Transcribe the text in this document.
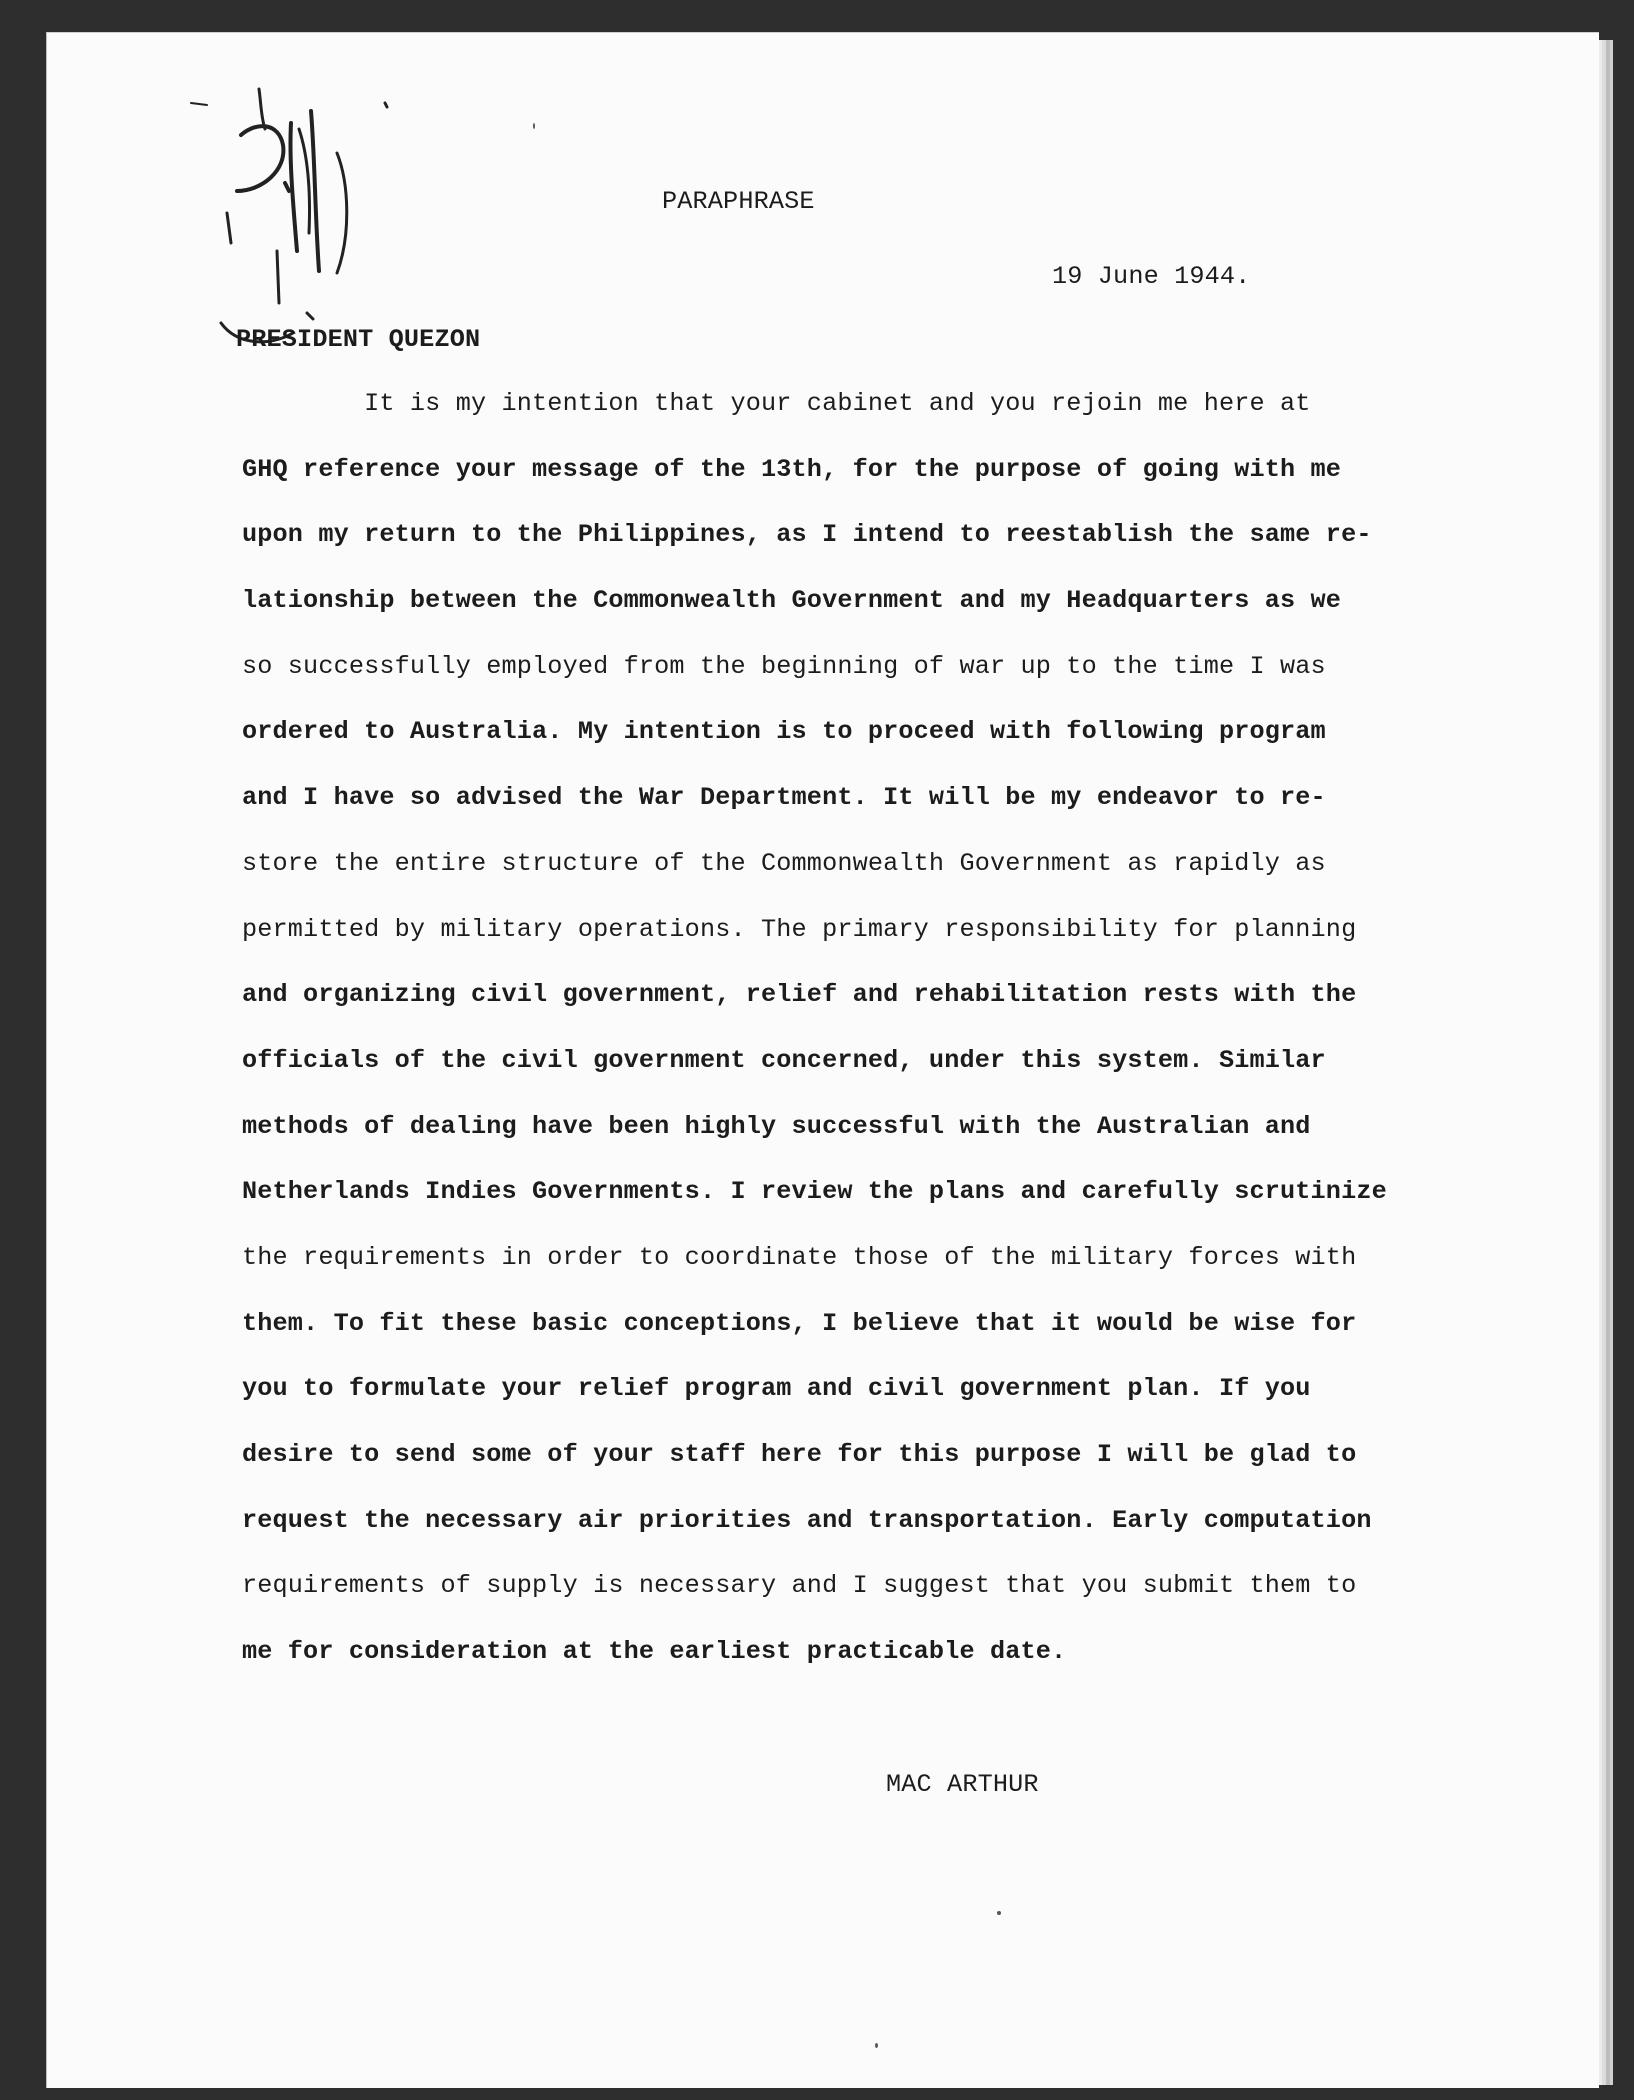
PARAPHRASE

19 June 1944.

PRESIDENT QUEZON

It is my intention that your cabinet and you rejoin me here at
GHQ reference your message of the 13th, for the purpose of going with me
upon my return to the Philippines, as I intend to reestablish the same re-
lationship between the Commonwealth Government and my Headquarters as we
so successfully employed from the beginning of war up to the time I was
ordered to Australia. My intention is to proceed with following program
and I have so advised the War Department. It will be my endeavor to re-
store the entire structure of the Commonwealth Government as rapidly as
permitted by military operations. The primary responsibility for planning
and organizing civil government, relief and rehabilitation rests with the
officials of the civil government concerned, under this system. Similar
methods of dealing have been highly successful with the Australian and
Netherlands Indies Governments. I review the plans and carefully scrutinize
the requirements in order to coordinate those of the military forces with
them. To fit these basic conceptions, I believe that it would be wise for
you to formulate your relief program and civil government plan. If you
desire to send some of your staff here for this purpose I will be glad to
request the necessary air priorities and transportation. Early computation
requirements of supply is necessary and I suggest that you submit them to
me for consideration at the earliest practicable date.

MAC ARTHUR
